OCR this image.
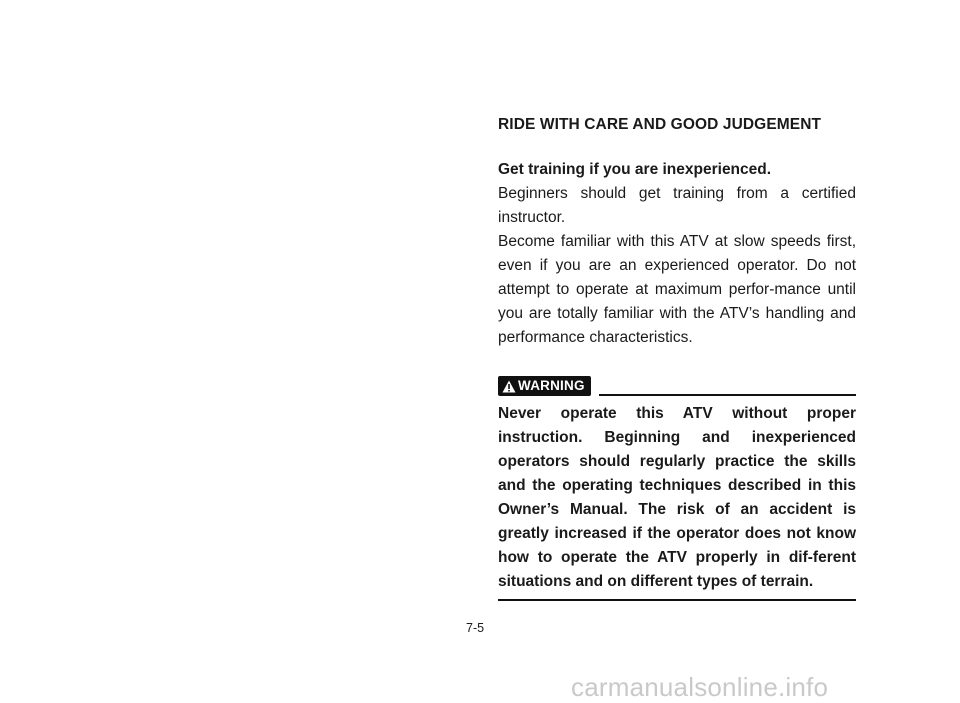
RIDE WITH CARE AND GOOD JUDGEMENT

Get training if you are inexperienced.

Beginners should get training from a certified instructor.

Become familiar with this ATV at slow speeds first, even if you are an experienced operator. Do not attempt to operate at maximum perfor-mance until you are totally familiar with the ATV’s handling and performance characteristics.

WARNING

Never operate this ATV without proper instruction. Beginning and inexperienced operators should regularly practice the skills and the operating techniques described in this Owner’s Manual. The risk of an accident is greatly increased if the operator does not know how to operate the ATV properly in dif-ferent situations and on different types of terrain.

7-5
carmanualsonline.info
